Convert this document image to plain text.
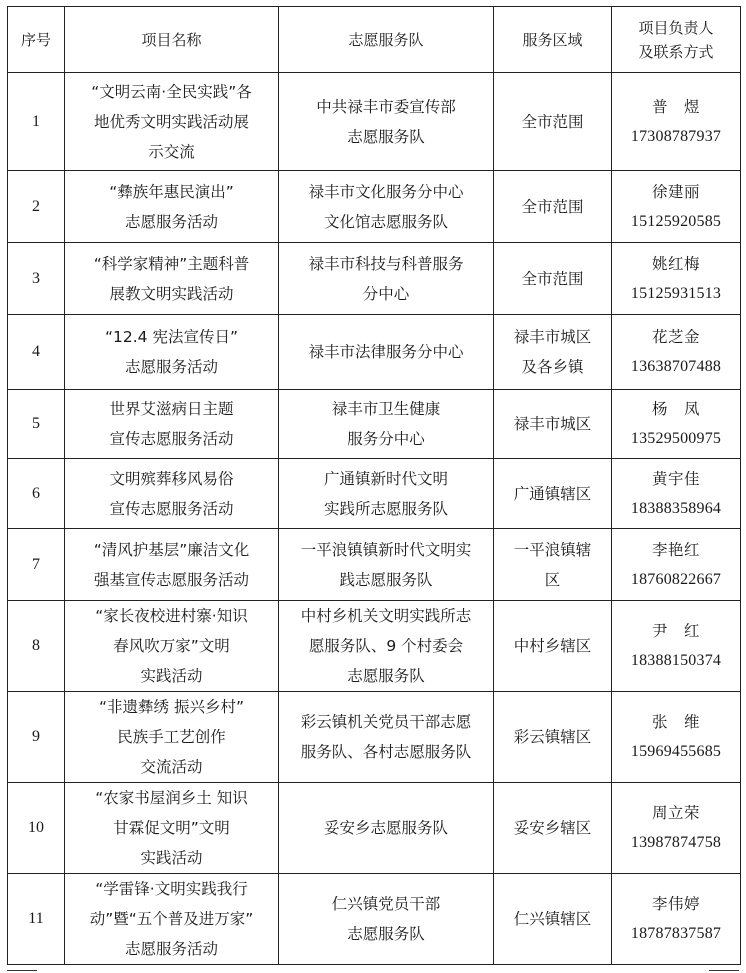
序号	项目名称	志愿服务队	服务区域	项目负责人
及联系方式

1	“文明云南·全民实践”各
地优秀文明实践活动展
示交流	中共禄丰市委宣传部
志愿服务队	全市范围	普　煜
17308787937

2	“彝族年惠民演出”
志愿服务活动	禄丰市文化服务分中心
文化馆志愿服务队	全市范围	徐建丽
15125920585

3	“科学家精神”主题科普
展教文明实践活动	禄丰市科技与科普服务
分中心	全市范围	姚红梅
15125931513

4	“12.4 宪法宣传日”
志愿服务活动	禄丰市法律服务分中心	禄丰市城区
及各乡镇	花芝金
13638707488

5	世界艾滋病日主题
宣传志愿服务活动	禄丰市卫生健康
服务分中心	禄丰市城区	杨　凤
13529500975

6	文明殡葬移风易俗
宣传志愿服务活动	广通镇新时代文明
实践所志愿服务队	广通镇辖区	黄宇佳
18388358964

7	“清风护基层”廉洁文化
强基宣传志愿服务活动	一平浪镇镇新时代文明实
践志愿服务队	一平浪镇辖
区	李艳红
18760822667

8	“家长夜校进村寨·知识
春风吹万家”文明
实践活动	中村乡机关文明实践所志
愿服务队、9 个村委会
志愿服务队	中村乡辖区	尹　红
18388150374

9	“非遗彝绣 振兴乡村”
民族手工艺创作
交流活动	彩云镇机关党员干部志愿
服务队、各村志愿服务队	彩云镇辖区	张　维
15969455685

10	“农家书屋润乡土 知识
甘霖促文明”文明
实践活动	妥安乡志愿服务队	妥安乡辖区	周立荣
13987874758

11	“学雷锋·文明实践我行
动”暨“五个普及进万家”
志愿服务活动	仁兴镇党员干部
志愿服务队	仁兴镇辖区	李伟婷
18787837587
